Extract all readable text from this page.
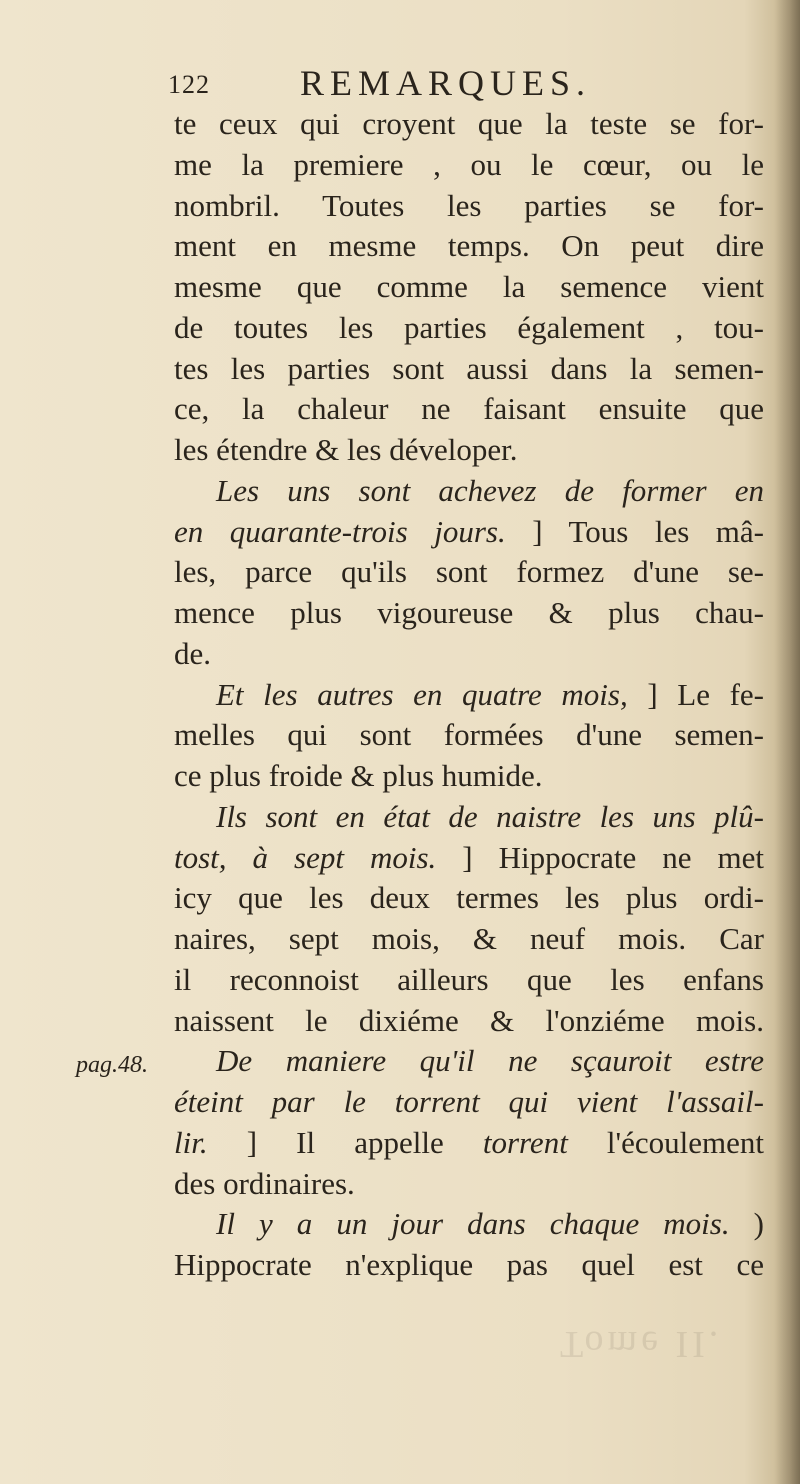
122	REMARQUES.
te ceux qui croyent que la teste se for-
me la premiere , ou le cœur, ou le
nombril. Toutes les parties se for-
ment en mesme temps. On peut dire
mesme que comme la semence vient
de toutes les parties également , tou-
tes les parties sont aussi dans la semen-
ce, la chaleur ne faisant ensuite que
les étendre & les déveloper.
Les uns sont achevez de former en
en quarante-trois jours. ] Tous les mâ-
les, parce qu'ils sont formez d'une se-
mence plus vigoureuse & plus chau-
de.
Et les autres en quatre mois, ] Le fe-
melles qui sont formées d'une semen-
ce plus froide & plus humide.
Ils sont en état de naistre les uns plû-
tost, à sept mois. ] Hippocrate ne met
icy que les deux termes les plus ordi-
naires, sept mois, & neuf mois. Car
il reconnoist ailleurs que les enfans
naissent le dixiéme & l'onziéme mois.
De maniere qu'il ne sçauroit estre
éteint par le torrent qui vient l'assail-
lir. ] Il appelle torrent l'écoulement
des ordinaires.
Il y a un jour dans chaque mois. )
Hippocrate n'explique pas quel est ce
pag.48.
Tome II.
